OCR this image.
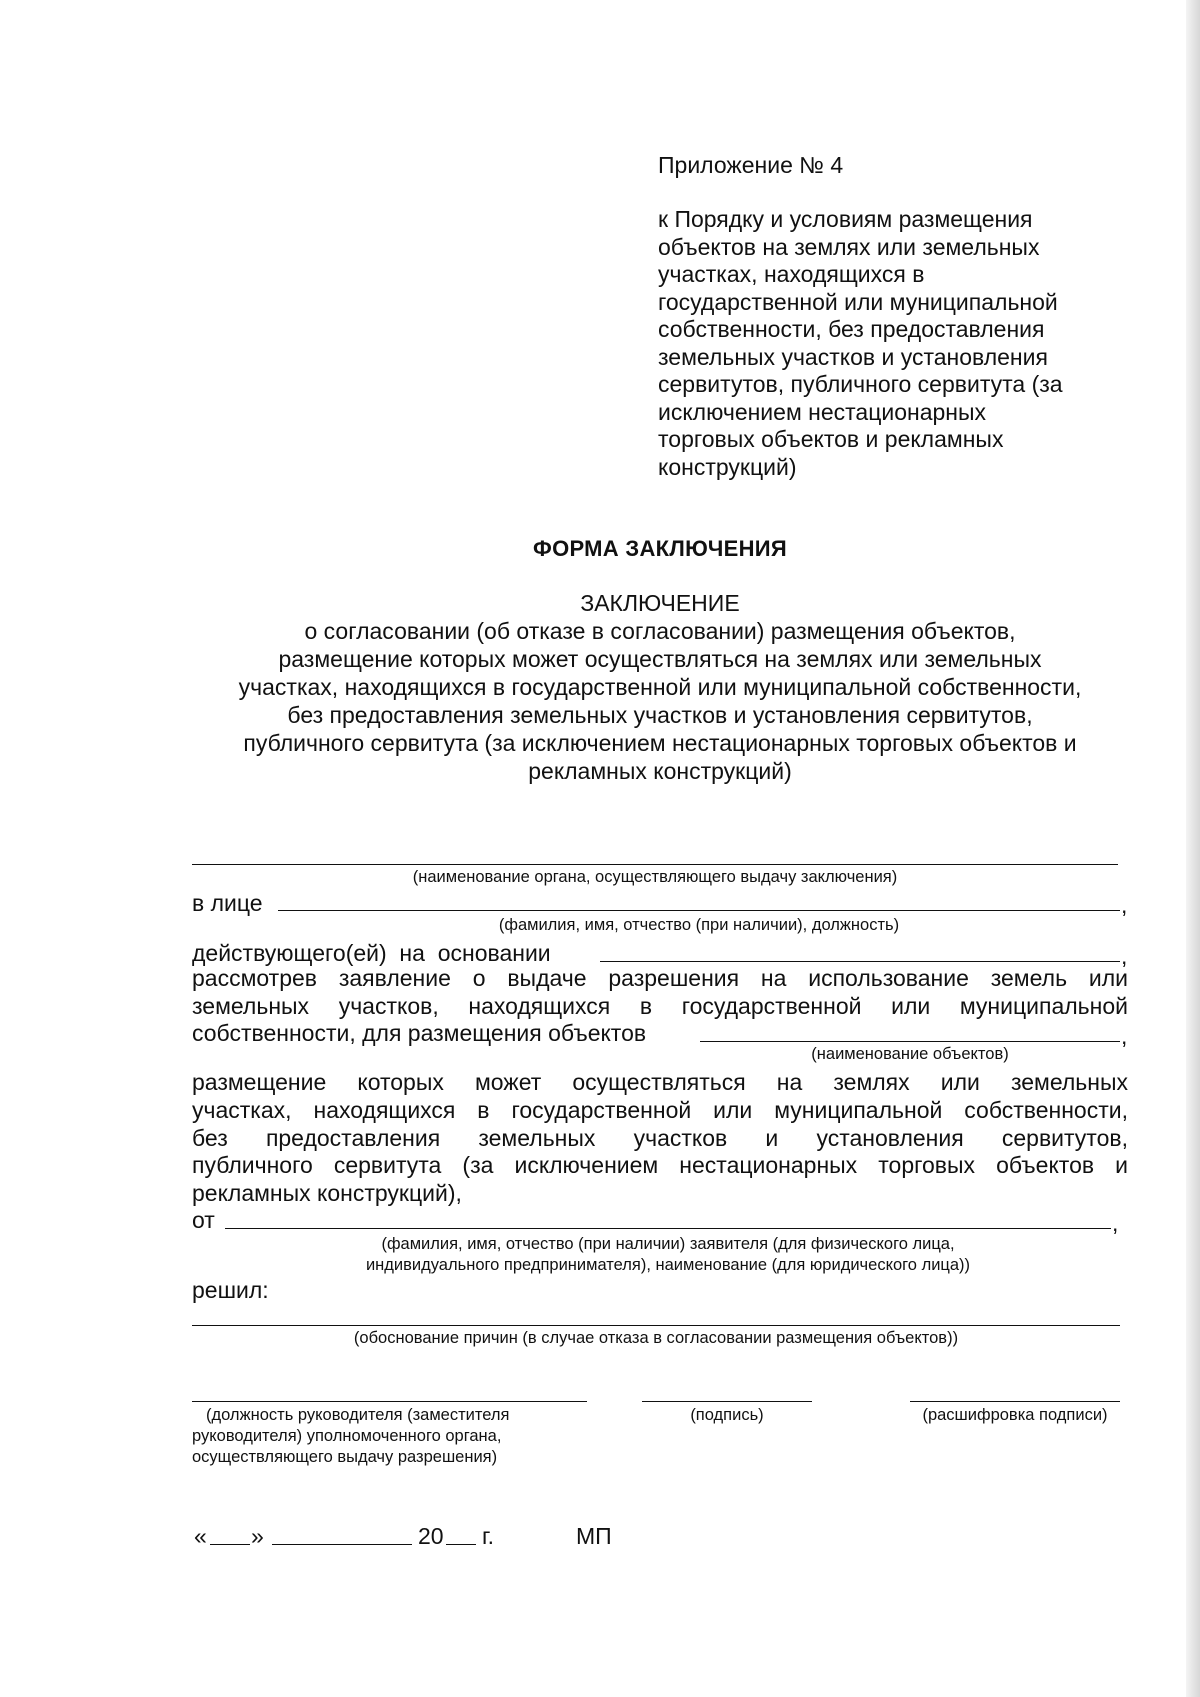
Приложение № 4
к Порядку и условиям размещения
объектов на землях или земельных
участках, находящихся в
государственной или муниципальной
собственности, без предоставления
земельных участков и установления
сервитутов, публичного сервитута (за
исключением нестационарных
торговых объектов и рекламных
конструкций)
ФОРМА ЗАКЛЮЧЕНИЯ
ЗАКЛЮЧЕНИЕ
о согласовании (об отказе в согласовании) размещения объектов,
размещение которых может осуществляться на землях или земельных
участках, находящихся в государственной или муниципальной собственности,
без предоставления земельных участков и установления сервитутов,
публичного сервитута (за исключением нестационарных торговых объектов и
рекламных конструкций)
(наименование органа, осуществляющего выдачу заключения)
в лице	,
(фамилия, имя, отчество (при наличии), должность)
действующего(ей)  на  основании	,
рассмотрев заявление о выдаче разрешения на использование земель или
земельных  участков,  находящихся  в  государственной  или  муниципальной
собственности, для размещения объектов	,
(наименование объектов)
размещение  которых  может  осуществляться  на  землях  или  земельных
участках, находящихся в государственной или муниципальной собственности,
без  предоставления  земельных  участков  и  установления  сервитутов,
публичного сервитута (за исключением нестационарных торговых объектов и
рекламных конструкций),
от	,
(фамилия, имя, отчество (при наличии) заявителя (для физического лица,
индивидуального предпринимателя), наименование (для юридического лица))
решил:
(обоснование причин (в случае отказа в согласовании размещения объектов))
(должность руководителя (заместителя
руководителя) уполномоченного органа,
осуществляющего выдачу разрешения)
(подпись)	(расшифровка подписи)
« »	20 г.	МП
